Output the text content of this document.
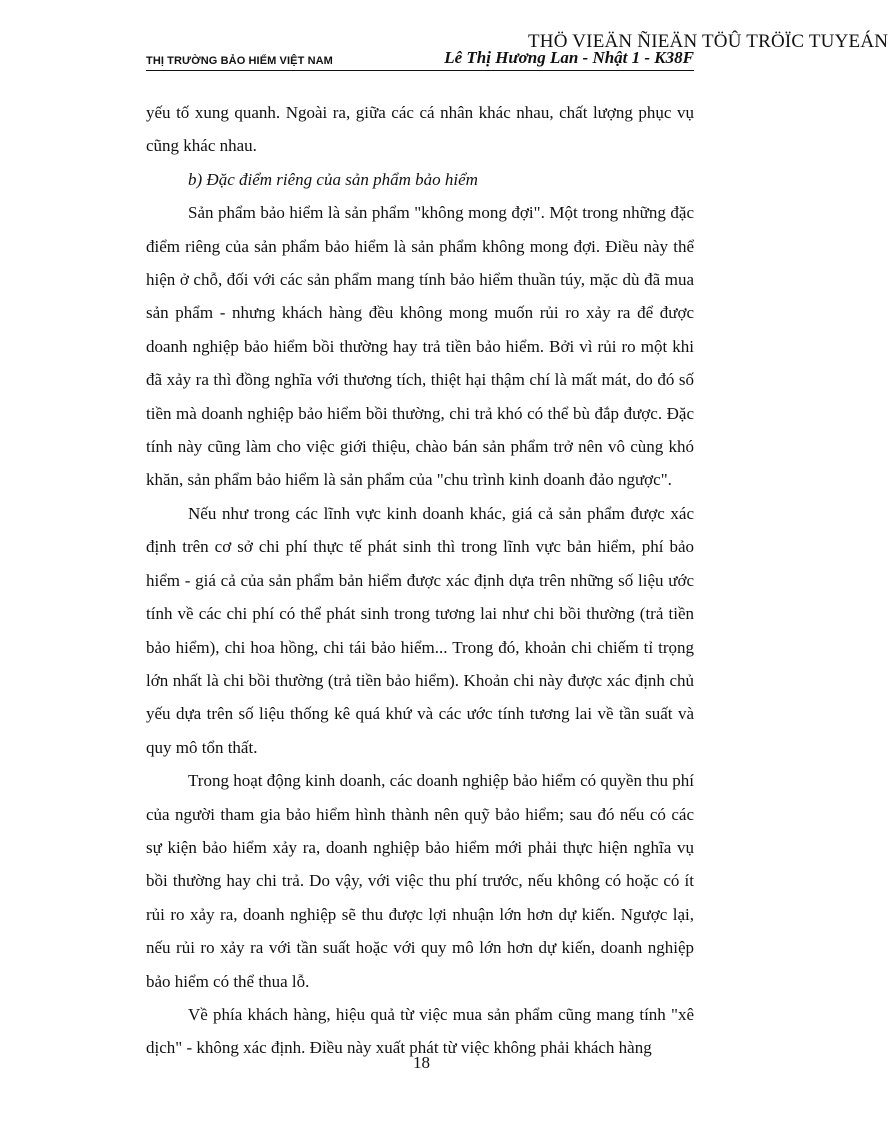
THÖ VIEÄN ÑIEÄN TÖÛ TRÖÏC TUYEÁN
THỊ TRƯỜNG BẢO HIỂM VIỆT NAM	Lê Thị Hương Lan - Nhật 1 - K38F

yếu tố xung quanh. Ngoài ra, giữa các cá nhân khác nhau, chất lượng phục vụ cũng khác nhau.

b) Đặc điểm riêng của sản phẩm bảo hiểm

Sản phẩm bảo hiểm là sản phẩm "không mong đợi". Một trong những đặc điểm riêng của sản phẩm bảo hiểm là sản phẩm không mong đợi. Điều này thể hiện ở chỗ, đối với các sản phẩm mang tính bảo hiểm thuần túy, mặc dù đã mua sản phẩm - nhưng khách hàng đều không mong muốn rủi ro xảy ra để được doanh nghiệp bảo hiểm bồi thường hay trả tiền bảo hiểm. Bởi vì rủi ro một khi đã xảy ra thì đồng nghĩa với thương tích, thiệt hại thậm chí là mất mát, do đó số tiền mà doanh nghiệp bảo hiểm bồi thường, chi trả khó có thể bù đắp được. Đặc tính này cũng làm cho việc giới thiệu, chào bán sản phẩm trở nên vô cùng khó khăn, sản phẩm bảo hiểm là sản phẩm của "chu trình kinh doanh đảo ngược".

Nếu như trong các lĩnh vực kinh doanh khác, giá cả sản phẩm được xác định trên cơ sở chi phí thực tế phát sinh thì trong lĩnh vực bản hiểm, phí bảo hiểm - giá cả của sản phẩm bản hiểm được xác định dựa trên những số liệu ước tính về các chi phí có thể phát sinh trong tương lai như chi bồi thường (trả tiền bảo hiểm), chi hoa hồng, chi tái bảo hiểm... Trong đó, khoản chi chiếm tỉ trọng lớn nhất là chi bồi thường (trả tiền bảo hiểm). Khoản chi này được xác định chủ yếu dựa trên số liệu thống kê quá khứ và các ước tính tương lai về tần suất và quy mô tổn thất.

Trong hoạt động kinh doanh, các doanh nghiệp bảo hiểm có quyền thu phí của người tham gia bảo hiểm hình thành nên quỹ bảo hiểm; sau đó nếu có các sự kiện bảo hiểm xảy ra, doanh nghiệp bảo hiểm mới phải thực hiện nghĩa vụ bồi thường hay chi trả. Do vậy, với việc thu phí trước, nếu không có hoặc có ít rủi ro xảy ra, doanh nghiệp sẽ thu được lợi nhuận lớn hơn dự kiến. Ngược lại, nếu rủi ro xảy ra với tần suất hoặc với quy mô lớn hơn dự kiến, doanh nghiệp bảo hiểm có thể thua lỗ.

Về phía khách hàng, hiệu quả từ việc mua sản phẩm cũng mang tính "xê dịch" - không xác định. Điều này xuất phát từ việc không phải khách hàng

18
